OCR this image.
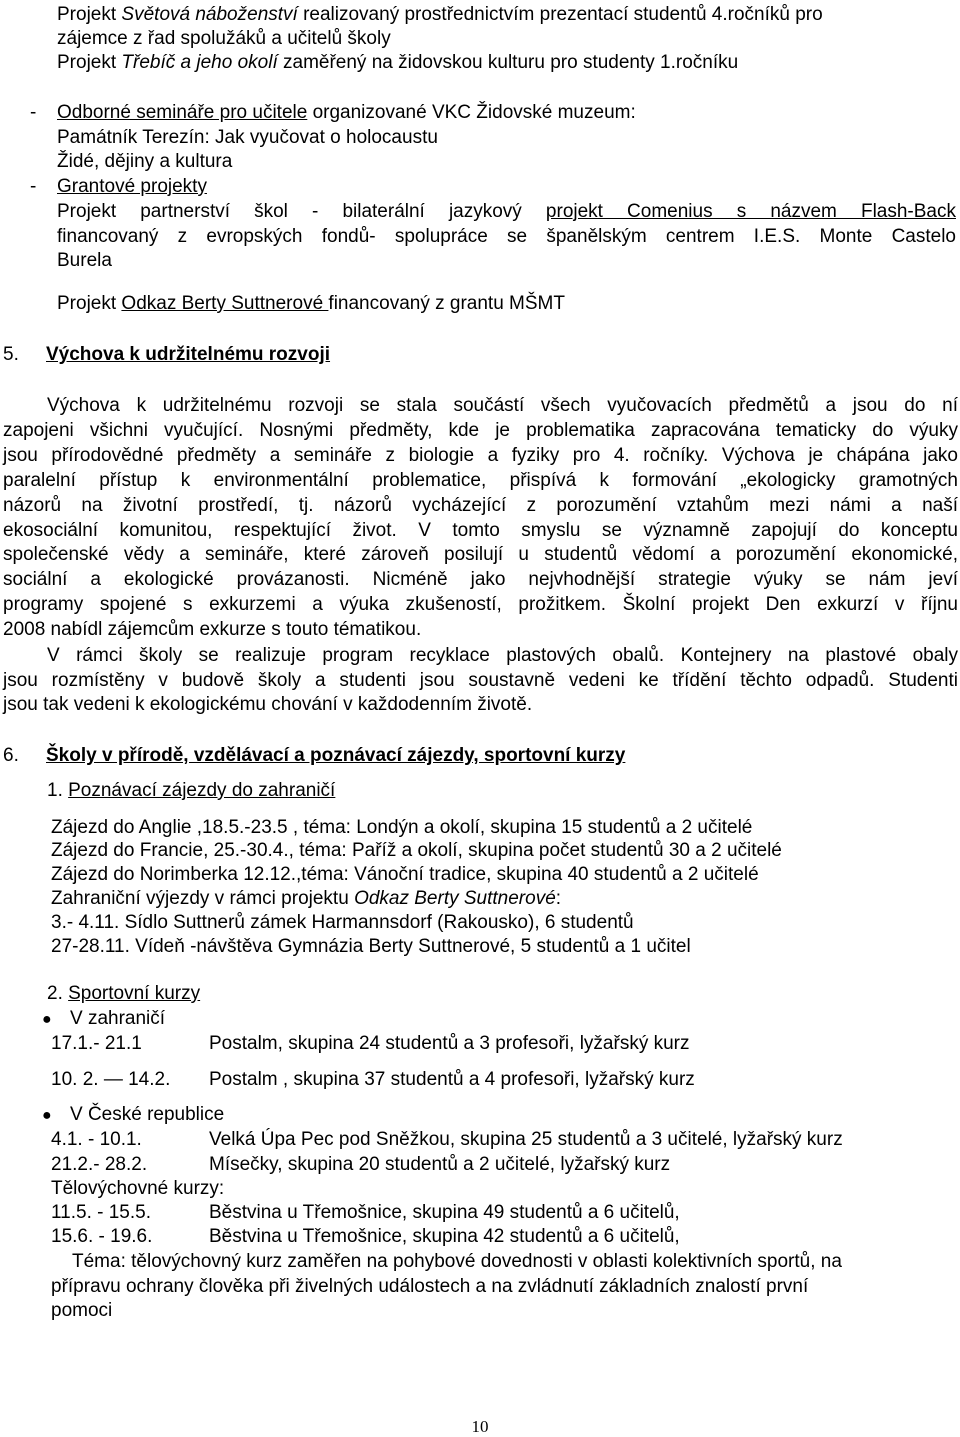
Projekt Světová náboženství realizovaný prostřednictvím prezentací studentů 4.ročníků pro
zájemce z řad spolužáků a učitelů školy
Projekt Třebíč a jeho okolí zaměřený na židovskou kulturu pro studenty 1.ročníku
- Odborné semináře pro učitele organizované VKC Židovské muzeum:
Památník Terezín: Jak vyučovat o holocaustu
Židé, dějiny a kultura
- Grantové projekty
Projekt partnerství škol - bilaterální jazykový projekt Comenius s názvem Flash-Back
financovaný z evropských fondů- spolupráce se španělským centrem I.E.S. Monte Castelo
Burela
Projekt Odkaz Berty Suttnerové financovaný z grantu MŠMT
5. Výchova k udržitelnému rozvoji
Výchova k udržitelnému rozvoji se stala součástí všech vyučovacích předmětů a jsou do ní
zapojeni všichni vyučující. Nosnými předměty, kde je problematika zapracována tematicky do výuky
jsou přírodovědné předměty a semináře z biologie a fyziky pro 4. ročníky. Výchova je chápána jako
paralelní přístup k environmentální problematice, přispívá k formování „ekologicky gramotných
názorů na životní prostředí, tj. názorů vycházející z porozumění vztahům mezi námi a naší
ekosociální komunitou, respektující život. V tomto smyslu se významně zapojují do konceptu
společenské vědy a semináře, které zároveň posilují u studentů vědomí a porozumění ekonomické,
sociální a ekologické provázanosti. Nicméně jako nejvhodnější strategie výuky se nám jeví
programy spojené s exkurzemi a výuka zkušeností, prožitkem. Školní projekt Den exkurzí v říjnu
2008 nabídl zájemcům exkurze s touto tématikou.
V rámci školy se realizuje program recyklace plastových obalů. Kontejnery na plastové obaly
jsou rozmístěny v budově školy a studenti jsou soustavně vedeni ke třídění těchto odpadů. Studenti
jsou tak vedeni k ekologickému chování v každodenním životě.
6. Školy v přírodě, vzdělávací a poznávací zájezdy, sportovní kurzy
1. Poznávací zájezdy do zahraničí
Zájezd do Anglie ,18.5.-23.5 , téma: Londýn a okolí, skupina 15 studentů a 2 učitelé
Zájezd do Francie, 25.-30.4., téma: Paříž a okolí, skupina počet studentů 30 a 2 učitelé
Zájezd do Norimberka 12.12.,téma: Vánoční tradice, skupina 40 studentů a 2 učitelé
Zahraniční výjezdy v rámci projektu Odkaz Berty Suttnerové:
3.- 4.11. Sídlo Suttnerů zámek Harmannsdorf (Rakousko), 6 studentů
27-28.11. Vídeň -návštěva Gymnázia Berty Suttnerové, 5 studentů a 1 učitel
2. Sportovní kurzy
● V zahraničí
17.1.- 21.1	Postalm, skupina 24 studentů a 3 profesoři, lyžařský kurz
10. 2. — 14.2. Postalm , skupina 37 studentů a 4 profesoři, lyžařský kurz
● V České republice
4.1. - 10.1.	Velká Úpa Pec pod Sněžkou, skupina 25 studentů a 3 učitelé, lyžařský kurz
21.2.- 28.2.	Mísečky, skupina 20 studentů a 2 učitelé, lyžařský kurz
Tělovýchovné kurzy:
11.5. - 15.5.	Běstvina u Třemošnice, skupina 49 studentů a 6 učitelů,
15.6. - 19.6.	Běstvina u Třemošnice, skupina 42 studentů a 6 učitelů,
Téma: tělovýchovný kurz zaměřen na pohybové dovednosti v oblasti kolektivních sportů, na
přípravu ochrany člověka při živelných událostech a na zvládnutí základních znalostí první
pomoci
10
